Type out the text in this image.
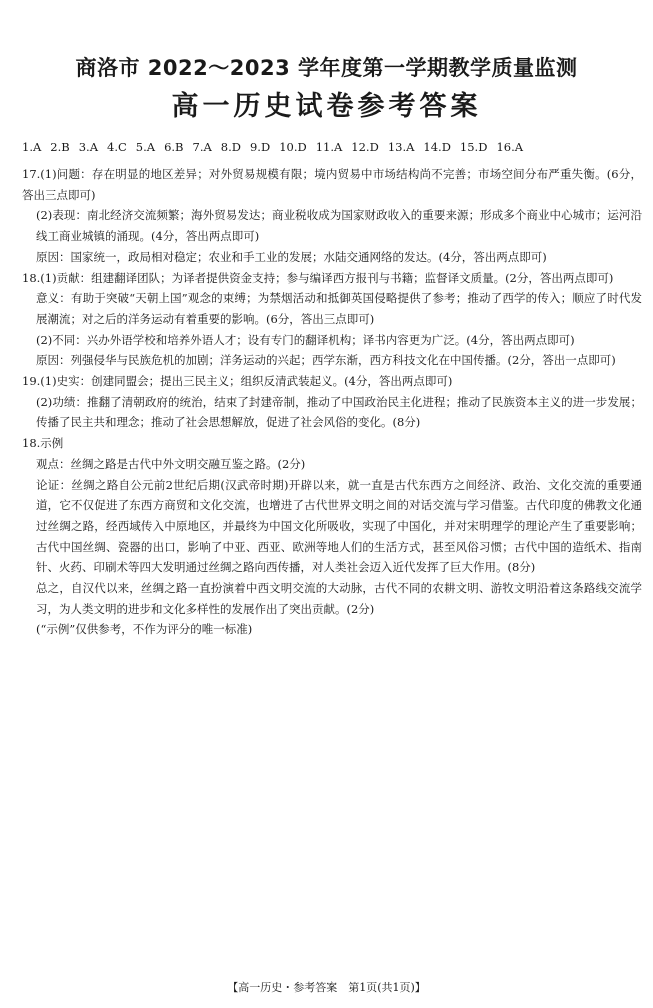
商洛市 2022～2023 学年度第一学期教学质量监测
高一历史试卷参考答案
1.A 2.B 3.A 4.C 5.A 6.B 7.A 8.D 9.D 10.D 11.A 12.D 13.A 14.D 15.D 16.A

17.(1)问题：存在明显的地区差异；对外贸易规模有限；境内贸易中市场结构尚不完善；市场空间分布严重失衡。(6分，答出三点即可)

(2)表现：南北经济交流频繁；海外贸易发达；商业税收成为国家财政收入的重要来源；形成多个商业中心城市；运河沿线工商业城镇的涌现。(4分，答出两点即可)

原因：国家统一，政局相对稳定；农业和手工业的发展；水陆交通网络的发达。(4分，答出两点即可)

18.(1)贡献：组建翻译团队；为译者提供资金支持；参与编译西方报刊与书籍；监督译文质量。(2分，答出两点即可)

意义：有助于突破“天朝上国”观念的束缚；为禁烟活动和抵御英国侵略提供了参考；推动了西学的传入；顺应了时代发展潮流；对之后的洋务运动有着重要的影响。(6分，答出三点即可)

(2)不同：兴办外语学校和培养外语人才；设有专门的翻译机构；译书内容更为广泛。(4分，答出两点即可)

原因：列强侵华与民族危机的加剧；洋务运动的兴起；西学东渐，西方科技文化在中国传播。(2分，答出一点即可)

19.(1)史实：创建同盟会；提出三民主义；组织反清武装起义。(4分，答出两点即可)

(2)功绩：推翻了清朝政府的统治，结束了封建帝制，推动了中国政治民主化进程；推动了民族资本主义的进一步发展；传播了民主共和理念；推动了社会思想解放，促进了社会风俗的变化。(8分)

18.示例

观点：丝绸之路是古代中外文明交融互鉴之路。(2分)

论证：丝绸之路自公元前2世纪后期(汉武帝时期)开辟以来，就一直是古代东西方之间经济、政治、文化交流的重要通道，它不仅促进了东西方商贸和文化交流，也增进了古代世界文明之间的对话交流与学习借鉴。古代印度的佛教文化通过丝绸之路，经西域传入中原地区，并最终为中国文化所吸收，实现了中国化，并对宋明理学的理论产生了重要影响；古代中国丝绸、瓷器的出口，影响了中亚、西亚、欧洲等地人们的生活方式，甚至风俗习惯；古代中国的造纸术、指南针、火药、印刷术等四大发明通过丝绸之路向西传播，对人类社会迈入近代发挥了巨大作用。(8分)

总之，自汉代以来，丝绸之路一直扮演着中西文明交流的大动脉，古代不同的农耕文明、游牧文明沿着这条路线交流学习，为人类文明的进步和文化多样性的发展作出了突出贡献。(2分)

(“示例”仅供参考，不作为评分的唯一标准)

【高一历史・参考答案　第1页(共1页)】
